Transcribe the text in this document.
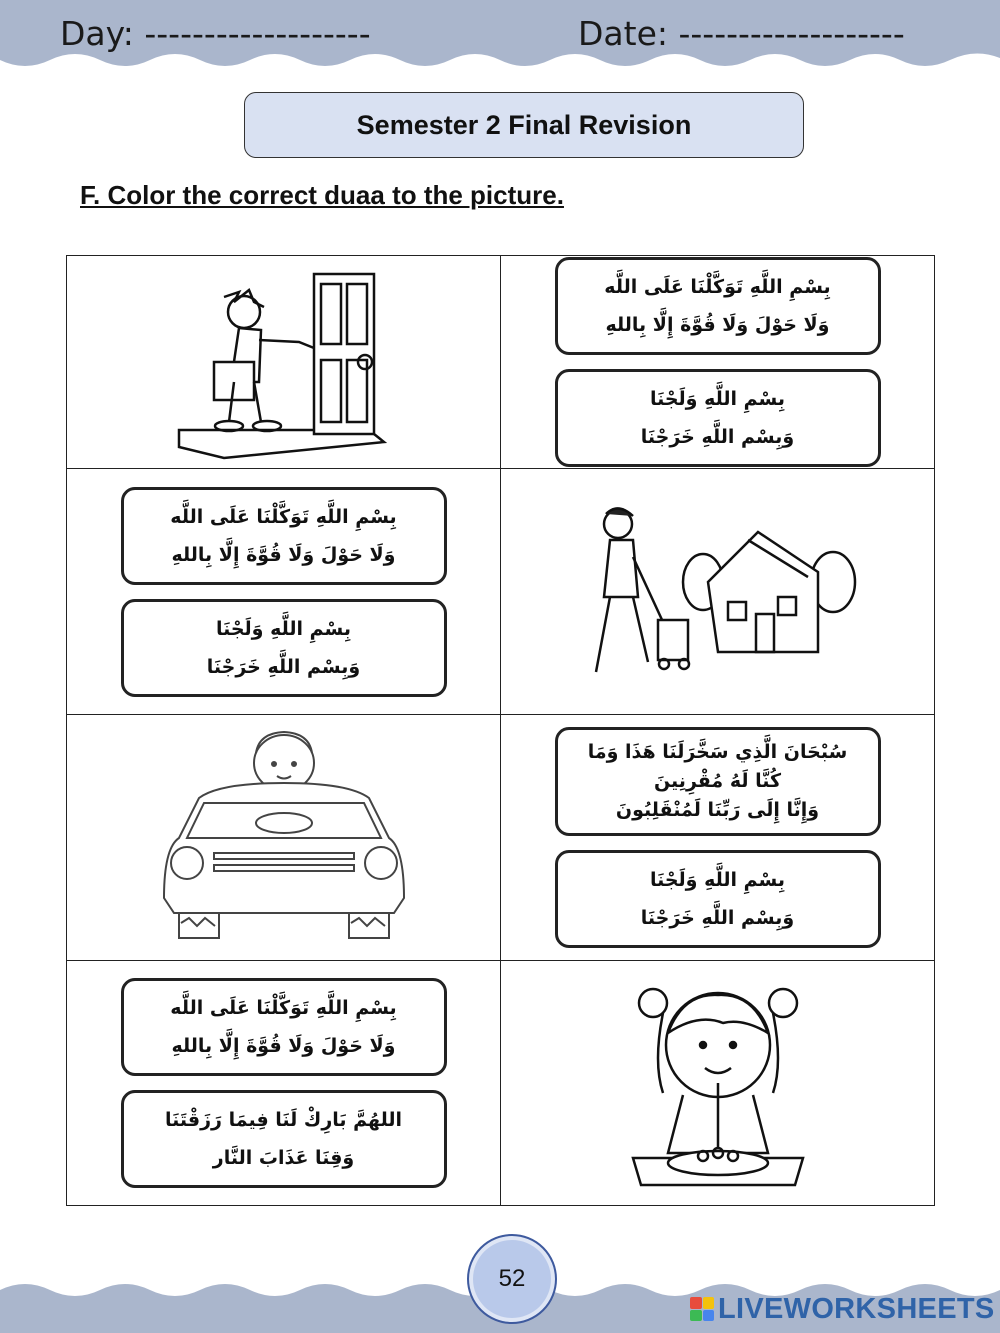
Day: -------------------	Date: -------------------
Semester 2 Final Revision
F. Color the correct duaa to the picture.

بِسْمِ اللَّهِ تَوَكَّلْنَا عَلَى اللَّه
وَلَا حَوْلَ وَلَا قُوَّةَ إِلَّا بِاللهِ
بِسْمِ اللَّهِ وَلَجْنَا
وَبِسْم اللَّهِ خَرَجْنَا

بِسْمِ اللَّهِ تَوَكَّلْنَا عَلَى اللَّه
وَلَا حَوْلَ وَلَا قُوَّةَ إِلَّا بِاللهِ
بِسْمِ اللَّهِ وَلَجْنَا
وَبِسْم اللَّهِ خَرَجْنَا

سُبْحَانَ الَّذِي سَخَّرَلَنَا هَذَا وَمَا
كُنَّا لَهُ مُقْرِنِينَ
وَإِنَّا إِلَى رَبِّنَا لَمُنْقَلِبُونَ
بِسْمِ اللَّهِ وَلَجْنَا
وَبِسْم اللَّهِ خَرَجْنَا

بِسْمِ اللَّهِ تَوَكَّلْنَا عَلَى اللَّه
وَلَا حَوْلَ وَلَا قُوَّةَ إِلَّا بِاللهِ
اللهُمَّ بَارِكْ لَنَا فِيمَا رَزَقْتَنَا
وَقِنَا عَذَابَ النَّار

52
LIVEWORKSHEETS
